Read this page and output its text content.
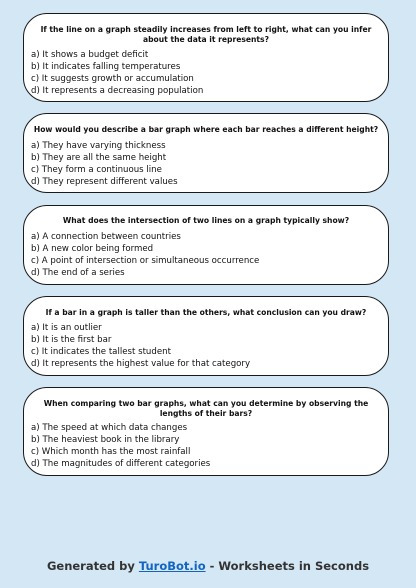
If the line on a graph steadily increases from left to right, what can you infer about the data it represents?
a) It shows a budget deficit
b) It indicates falling temperatures
c) It suggests growth or accumulation
d) It represents a decreasing population
How would you describe a bar graph where each bar reaches a different height?
a) They have varying thickness
b) They are all the same height
c) They form a continuous line
d) They represent different values
What does the intersection of two lines on a graph typically show?
a) A connection between countries
b) A new color being formed
c) A point of intersection or simultaneous occurrence
d) The end of a series
If a bar in a graph is taller than the others, what conclusion can you draw?
a) It is an outlier
b) It is the first bar
c) It indicates the tallest student
d) It represents the highest value for that category
When comparing two bar graphs, what can you determine by observing the lengths of their bars?
a) The speed at which data changes
b) The heaviest book in the library
c) Which month has the most rainfall
d) The magnitudes of different categories
Generated by TuroBot.io - Worksheets in Seconds
